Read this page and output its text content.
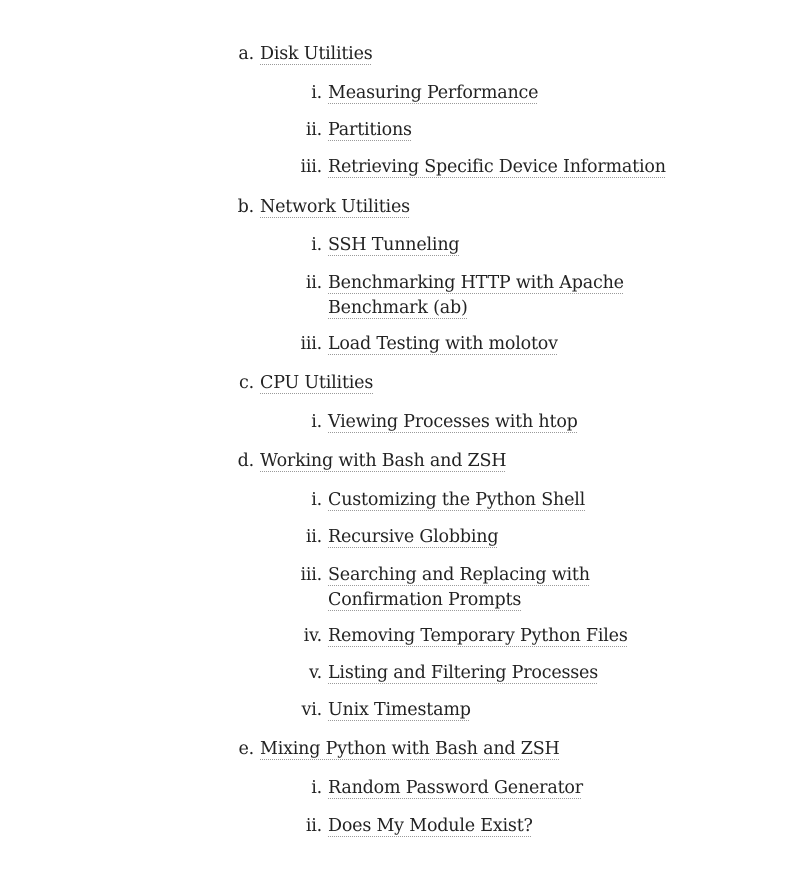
a. Disk Utilities
i. Measuring Performance
ii. Partitions
iii. Retrieving Specific Device Information
b. Network Utilities
i. SSH Tunneling
ii. Benchmarking HTTP with Apache Benchmark (ab)
iii. Load Testing with molotov
c. CPU Utilities
i. Viewing Processes with htop
d. Working with Bash and ZSH
i. Customizing the Python Shell
ii. Recursive Globbing
iii. Searching and Replacing with Confirmation Prompts
iv. Removing Temporary Python Files
v. Listing and Filtering Processes
vi. Unix Timestamp
e. Mixing Python with Bash and ZSH
i. Random Password Generator
ii. Does My Module Exist?
